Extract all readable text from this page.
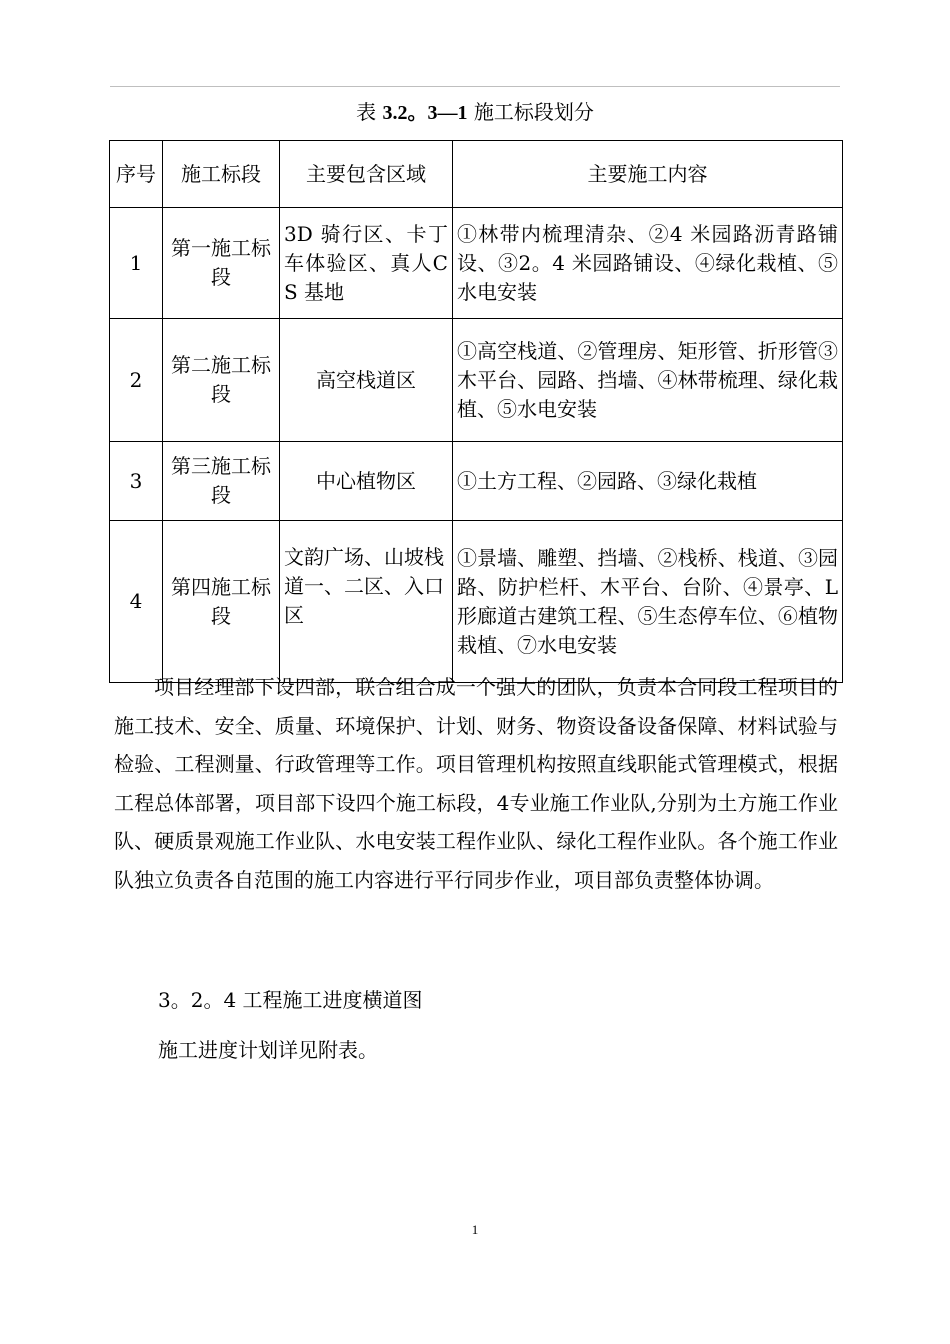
表 3.2。3—1 施工标段划分
序号	施工标段	主要包含区域	主要施工内容
1	第一施工标段	3D 骑行区、卡丁车体验区、真人CS 基地	①林带内梳理清杂、②4 米园路沥青路铺设、③2。4 米园路铺设、④绿化栽植、⑤水电安装
2	第二施工标段	高空栈道区	①高空栈道、②管理房、矩形管、折形管③木平台、园路、挡墙、④林带梳理、绿化栽植、⑤水电安装
3	第三施工标段	中心植物区	①土方工程、②园路、③绿化栽植
4	第四施工标段	文韵广场、山坡栈道一、二区、入口区	①景墙、雕塑、挡墙、②栈桥、栈道、③园路、防护栏杆、木平台、台阶、④景亭、L 形廊道古建筑工程、⑤生态停车位、⑥植物栽植、⑦水电安装

项目经理部下设四部，联合组合成一个强大的团队，负责本合同段工程项目的施工技术、安全、质量、环境保护、计划、财务、物资设备设备保障、材料试验与检验、工程测量、行政管理等工作。项目管理机构按照直线职能式管理模式，根据工程总体部署，项目部下设四个施工标段，4专业施工作业队,分别为土方施工作业队、硬质景观施工作业队、水电安装工程作业队、绿化工程作业队。各个施工作业队独立负责各自范围的施工内容进行平行同步作业，项目部负责整体协调。

3。2。4 工程施工进度横道图

施工进度计划详见附表。

1
